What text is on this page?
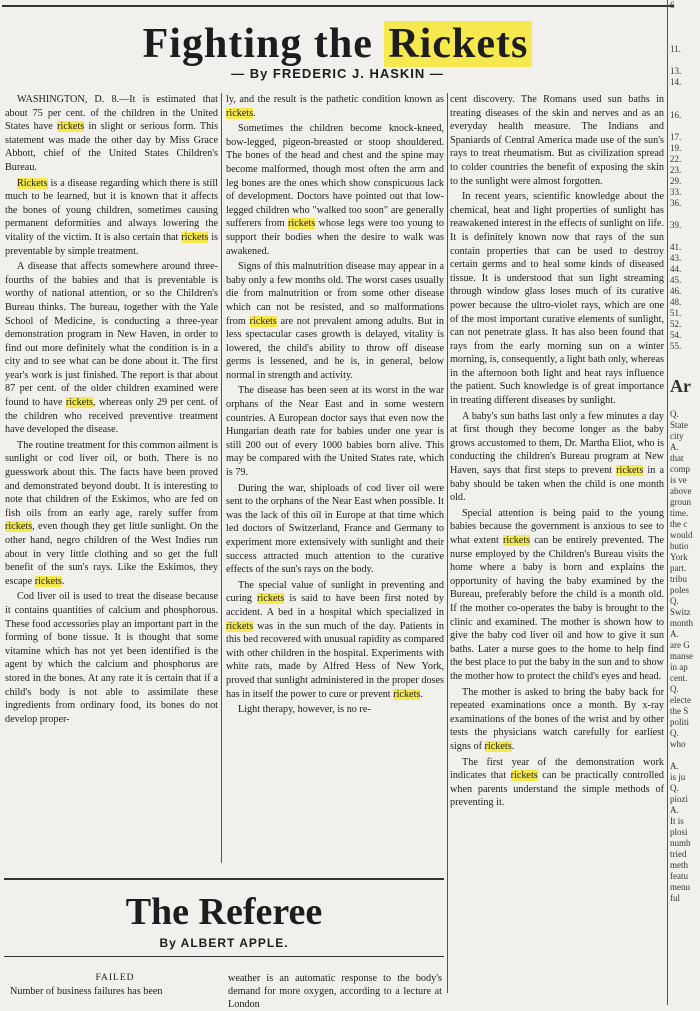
Fighting the Rickets
— By FREDERIC J. HASKIN —

WASHINGTON, D. 8.—It is estimated that about 75 per cent. of the children in the United States have rickets in slight or serious form. This statement was made the other day by Miss Grace Abbott, chief of the United States Children's Bureau.

Rickets is a disease regarding which there is still much to be learned, but it is known that it affects the bones of young children, sometimes causing permanent deformities and always lowering the vitality of the victim. It is also certain that rickets is preventable by simple treatment.

A disease that affects somewhere around three-fourths of the babies and that is preventable is worthy of national attention, or so the Children's Bureau thinks. The bureau, together with the Yale School of Medicine, is conducting a three-year demonstration program in New Haven, in order to find out more definitely what the condition is in a city and to see what can be done about it. The first year's work is just finished. The report is that about 87 per cent. of the older children examined were found to have rickets, whereas only 29 per cent. of the children who received preventive treatment have developed the disease.

The routine treatment for this common ailment is sunlight or cod liver oil, or both. There is no guesswork about this. The facts have been proved and demonstrated beyond doubt. It is interesting to note that children of the Eskimos, who are fed on fish oils from an early age, rarely suffer from rickets, even though they get little sunlight. On the other hand, negro children of the West Indies run about in very little clothing and so get the full benefit of the sun's rays. Like the Eskimos, they escape rickets.

Cod liver oil is used to treat the disease because it contains quantities of calcium and phosphorous. These food accessories play an important part in the forming of bone tissue. It is thought that some vitamine which has not yet been identified is the agent by which the calcium and phosphorus are stored in the bones. At any rate it is certain that if a child's body is not able to assimilate these ingredients from ordinary food, its bones do not develop proper-

ly, and the result is the pathetic condition known as rickets.

Sometimes the children become knock-kneed, bow-legged, pigeon-breasted or stoop shouldered. The bones of the head and chest and the spine may become malformed, though most often the arm and leg bones are the ones which show conspicuous lack of development. Doctors have pointed out that low-legged children who "walked too soon" are generally sufferers from rickets whose legs were too young to support their bodies when the desire to walk was awakened.

Signs of this malnutrition disease may appear in a baby only a few months old. The worst cases usually die from malnutrition or from some other disease which can not be resisted, and so malformations from rickets are not prevalent among adults. But in less spectacular cases growth is delayed, vitality is lowered, the child's ability to throw off disease germs is lessened, and he is, in general, below normal in strength and activity.

The disease has been seen at its worst in the war orphans of the Near East and in some western countries. A European doctor says that even now the Hungarian death rate for babies under one year is still 200 out of every 1000 babies born alive. This may be compared with the United States rate, which is 79.

During the war, shiploads of cod liver oil were sent to the orphans of the Near East when possible. It was the lack of this oil in Europe at that time which led doctors of Switzerland, France and Germany to experiment more extensively with sunlight and their success attracted much attention to the curative effects of the sun's rays on the body.

The special value of sunlight in preventing and curing rickets is said to have been first noted by accident. A bed in a hospital which specialized in rickets was in the sun much of the day. Patients in this bed recovered with unusual rapidity as compared with other children in the hospital. Experiments with white rats, made by Alfred Hess of New York, proved that sunlight administered in the proper doses has in itself the power to cure or prevent rickets.

Light therapy, however, is no re-

cent discovery. The Romans used sun baths in treating diseases of the skin and nerves and as an everyday health measure. The Indians and Spaniards of Central America made use of the sun's rays to treat rheumatism. But as civilization spread to colder countries the benefit of exposing the skin to the sunlight were almost forgotten.

In recent years, scientific knowledge about the chemical, heat and light properties of sunlight has reawakened interest in the effects of sunlight on life. It is definitely known now that rays of the sun contain properties that can be used to destroy certain germs and to heal some kinds of diseased tissue. It is understood that sun light streaming through window glass loses much of its curative power because the ultro-violet rays, which are one of the most important curative elements of sunlight, can not penetrate glass. It has also been found that rays from the early morning sun on a winter morning, is, consequently, a light bath only, whereas in the afternoon both light and heat rays influence the patient. Such knowledge is of great importance in treating different diseases by sunlight.

A baby's sun baths last only a few minutes a day at first though they become longer as the baby grows accustomed to them, Dr. Martha Eliot, who is conducting the children's Bureau program at New Haven, says that first steps to prevent rickets in a baby should be taken when the child is one month old.

Special attention is being paid to the young babies because the government is anxious to see to what extent rickets can be entirely prevented. The nurse employed by the Children's Bureau visits the home where a baby is born and explains the opportunity of having the baby examined by the Bureau, preferably before the child is a month old. If the mother co-operates the baby is brought to the clinic and examined. The mother is shown how to give the baby cod liver oil and how to give it sun baths. Later a nurse goes to the home to help find the best place to put the baby in the sun and to show the mother how to protect the child's eyes and head.

The mother is asked to bring the baby back for repeated examinations once a month. By x-ray examinations of the bones of the wrist and by other tests the physicians watch carefully for earliest signs of rickets.

The first year of the demonstration work indicates that rickets can be practically controlled when parents understand the simple methods of preventing it.

The Referee
By ALBERT APPLE.
FAILED
Number of business failures has been
weather is an automatic response to the body's demand for more oxygen, according to a lecture at London
6

11.

13.
14.

16.

17.
19.
22.
23.
29.
33.
36.

39.

41.
43.
44.
45.
46.
48.
51.
52.
54.
55.

Ar

Q.
State
city
A.
that
comp
is ve
above
groun
time.
the c
would
butio
York
part.
tribu
poles
Q.
Switz
month
A.
are G
manse
in ap
cent.
Q.
electe
the S
politi
Q.
who

A.
is ju
Q.
piozi
A.
It is
plosi
numb
tried
meth
featu
menu
ful
